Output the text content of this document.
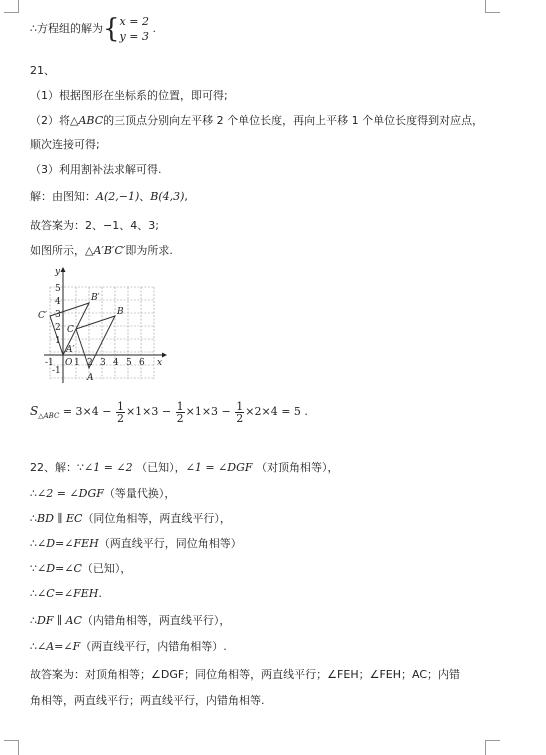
∴方程组的解为{ x = 2
y = 3
.
21、
（1）根据图形在坐标系的位置，即可得;
（2）将△ABC的三顶点分别向左平移 2 个单位长度，再向上平移 1 个单位长度得到对应点，
顺次连接可得;
（3）利用割补法求解可得.
解：由图知：A(2,−1)、B(4,3),
故答案为：2、−1、4、3;
如图所示，△A′B′C′即为所求.
y
x
5
4
3
2
1
-1
-1 O 1 2 3 4 5 6
A
B
C
A′
B′
C′
$S_{\triangle ABC} = 3\times 4 - \frac{1}{2} \times 1\times 3 - \frac{1}{2} \times 1\times 3 - \frac{1}{2} \times 2\times 4 = 5$ .
22、解：∵∠1 = ∠2 （已知），∠1 = ∠DGF （对顶角相等），
∴∠2 = ∠DGF（等量代换），
∴BD ∥ EC（同位角相等，两直线平行），
∴∠D=∠FEH（两直线平行，同位角相等）
∵∠D=∠C（已知），
∴∠C=∠FEH.
∴DF ∥ AC（内错角相等，两直线平行），
∴∠A=∠F（两直线平行，内错角相等）.
故答案为：对顶角相等；∠DGF；同位角相等，两直线平行；∠FEH；∠FEH；AC；内错
角相等，两直线平行；两直线平行，内错角相等.
